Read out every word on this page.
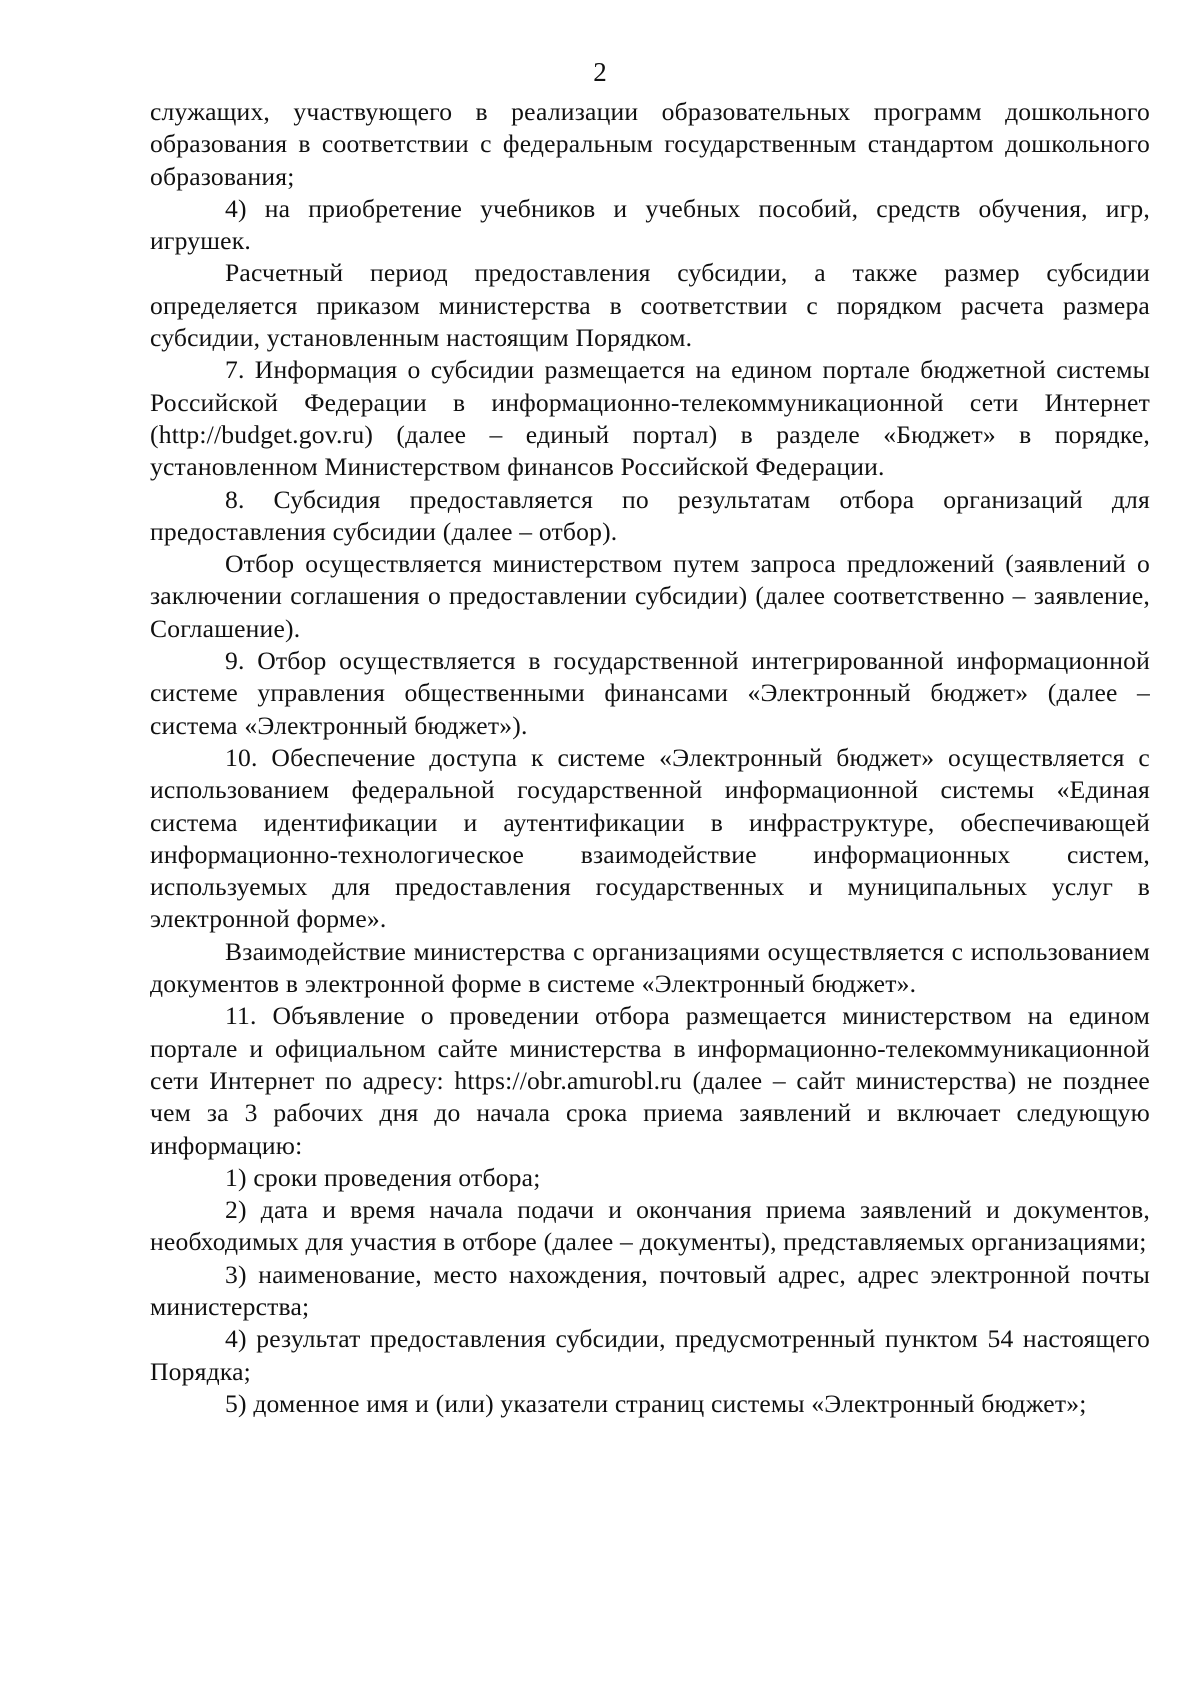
2

служащих, участвующего в реализации образовательных программ дошкольного образования в соответствии с федеральным государственным стандартом дошкольного образования;

4) на приобретение учебников и учебных пособий, средств обучения, игр, игрушек.

Расчетный период предоставления субсидии, а также размер субсидии определяется приказом министерства в соответствии с порядком расчета размера субсидии, установленным настоящим Порядком.

7. Информация о субсидии размещается на едином портале бюджетной системы Российской Федерации в информационно-телекоммуникационной сети Интернет (http://budget.gov.ru) (далее – единый портал) в разделе «Бюджет» в порядке, установленном Министерством финансов Российской Федерации.

8. Субсидия предоставляется по результатам отбора организаций для предоставления субсидии (далее – отбор).

Отбор осуществляется министерством путем запроса предложений (заявлений о заключении соглашения о предоставлении субсидии) (далее соответственно – заявление, Соглашение).

9. Отбор осуществляется в государственной интегрированной информационной системе управления общественными финансами «Электронный бюджет» (далее – система «Электронный бюджет»).

10. Обеспечение доступа к системе «Электронный бюджет» осуществляется с использованием федеральной государственной информационной системы «Единая система идентификации и аутентификации в инфраструктуре, обеспечивающей информационно-технологическое взаимодействие информационных систем, используемых для предоставления государственных и муниципальных услуг в электронной форме».

Взаимодействие министерства с организациями осуществляется с использованием документов в электронной форме в системе «Электронный бюджет».

11. Объявление о проведении отбора размещается министерством на едином портале и официальном сайте министерства в информационно-телекоммуникационной сети Интернет по адресу: https://obr.amurobl.ru (далее – сайт министерства) не позднее чем за 3 рабочих дня до начала срока приема заявлений и включает следующую информацию:

1) сроки проведения отбора;

2) дата и время начала подачи и окончания приема заявлений и документов, необходимых для участия в отборе (далее – документы), представляемых организациями;

3) наименование, место нахождения, почтовый адрес, адрес электронной почты министерства;

4) результат предоставления субсидии, предусмотренный пунктом 54 настоящего Порядка;

5) доменное имя и (или) указатели страниц системы «Электронный бюджет»;
